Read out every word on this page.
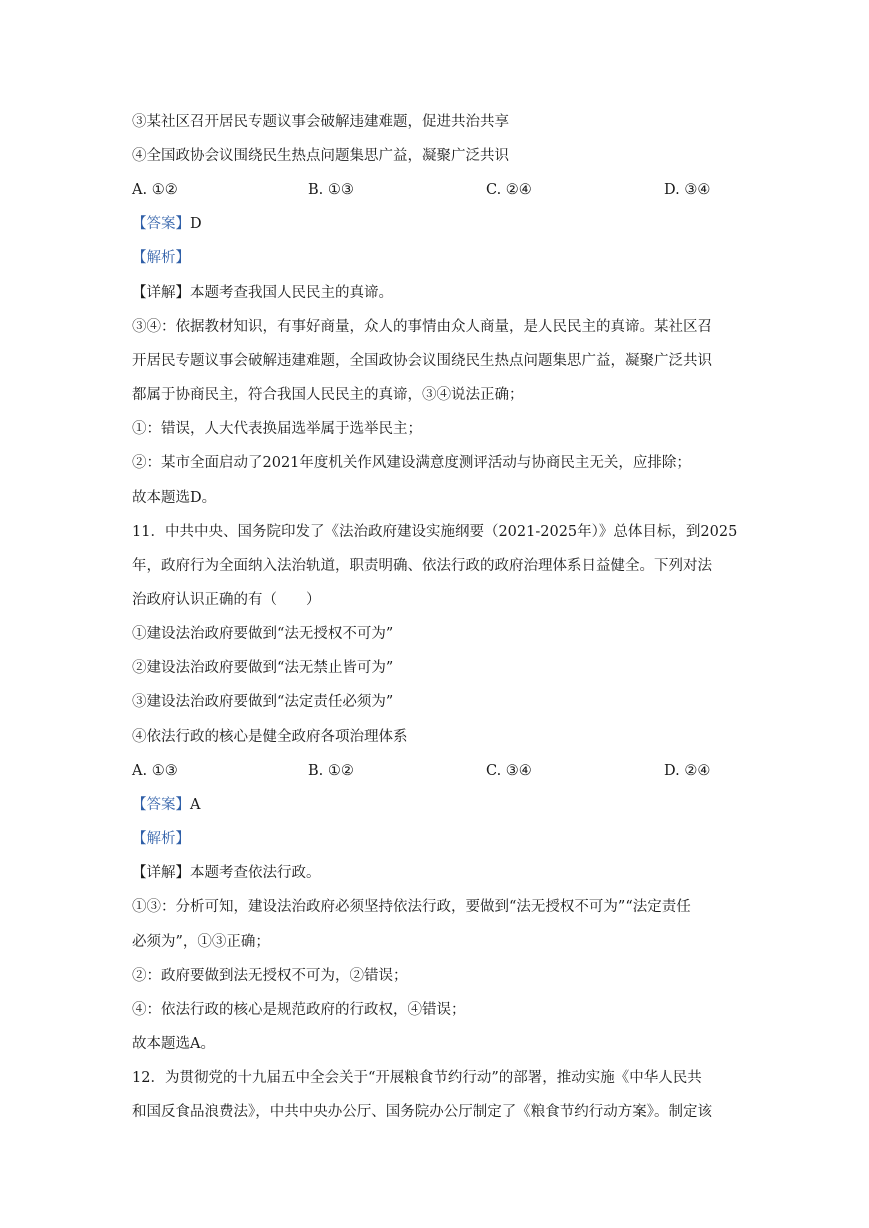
③某社区召开居民专题议事会破解违建难题，促进共治共享
④全国政协会议围绕民生热点问题集思广益，凝聚广泛共识
A. ①②	B. ①③	C. ②④	D. ③④
【答案】D
【解析】
【详解】本题考查我国人民民主的真谛。
③④：依据教材知识，有事好商量，众人的事情由众人商量，是人民民主的真谛。某社区召
开居民专题议事会破解违建难题，全国政协会议围绕民生热点问题集思广益，凝聚广泛共识
都属于协商民主，符合我国人民民主的真谛，③④说法正确；
①：错误，人大代表换届选举属于选举民主；
②：某市全面启动了2021年度机关作风建设满意度测评活动与协商民主无关，应排除；
故本题选D。
11．中共中央、国务院印发了《法治政府建设实施纲要（2021-2025年）》总体目标，到2025
年，政府行为全面纳入法治轨道，职责明确、依法行政的政府治理体系日益健全。下列对法
治政府认识正确的有（　　）
①建设法治政府要做到“法无授权不可为”
②建设法治政府要做到“法无禁止皆可为”
③建设法治政府要做到“法定责任必须为”
④依法行政的核心是健全政府各项治理体系
A. ①③	B. ①②	C. ③④	D. ②④
【答案】A
【解析】
【详解】本题考查依法行政。
①③：分析可知，建设法治政府必须坚持依法行政，要做到“法无授权不可为”“法定责任
必须为”，①③正确；
②：政府要做到法无授权不可为，②错误；
④：依法行政的核心是规范政府的行政权，④错误；
故本题选A。
12．为贯彻党的十九届五中全会关于“开展粮食节约行动”的部署，推动实施《中华人民共
和国反食品浪费法》，中共中央办公厅、国务院办公厅制定了《粮食节约行动方案》。制定该
